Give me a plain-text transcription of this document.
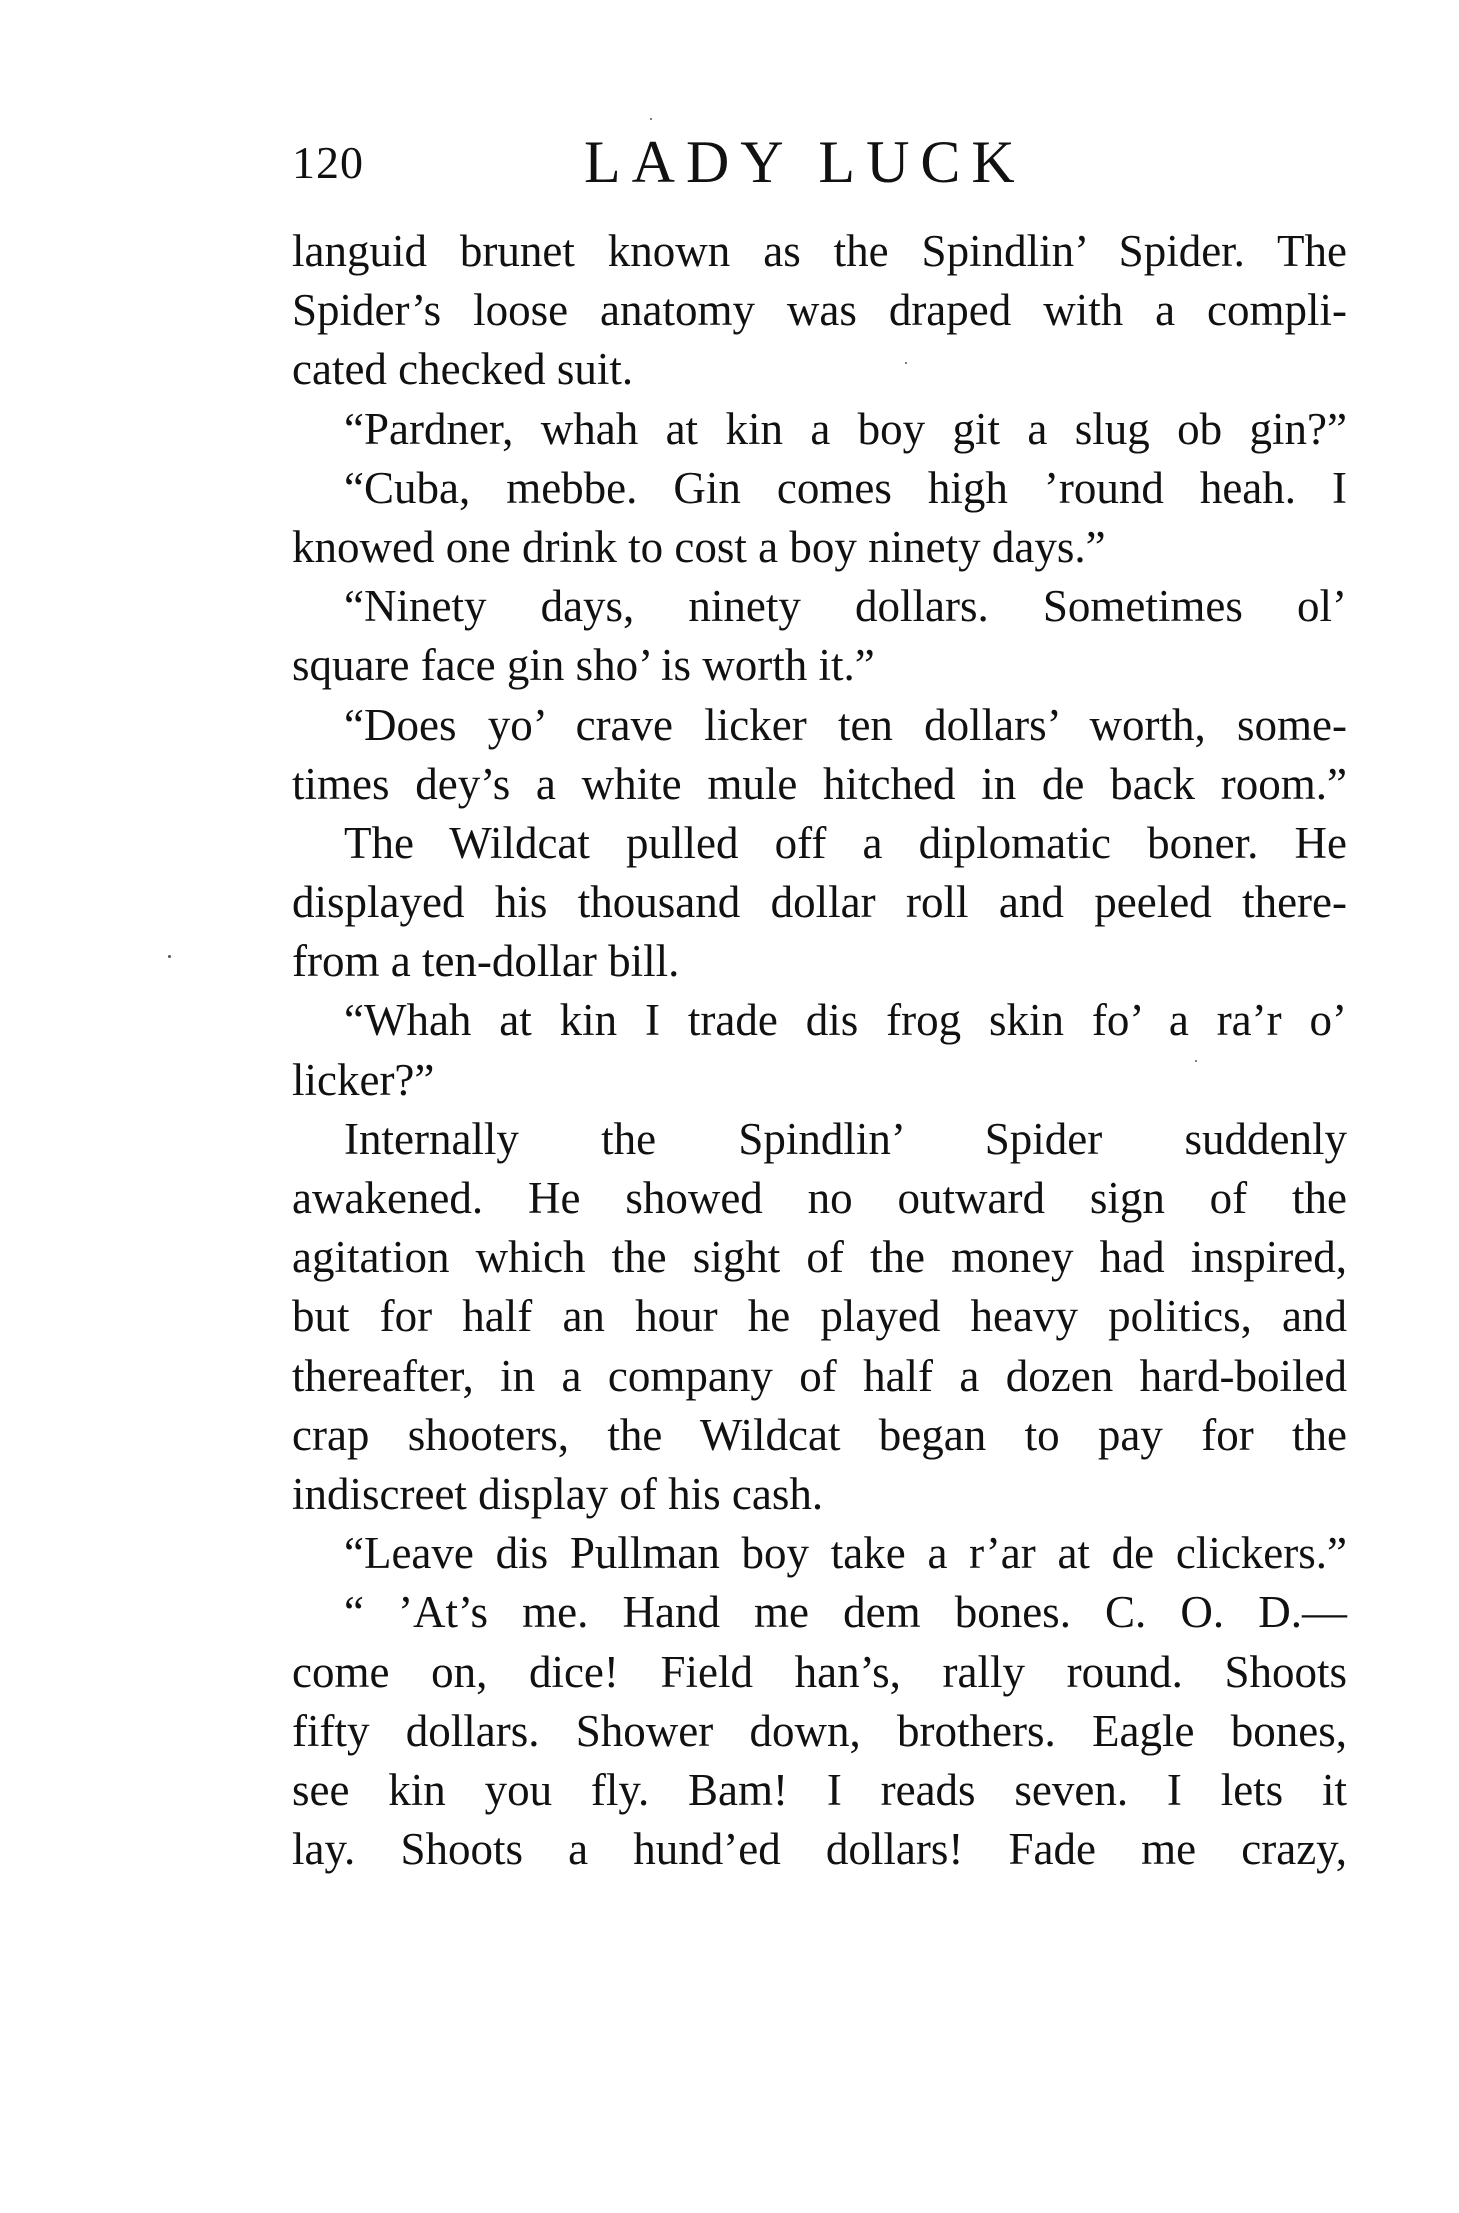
120	LADY LUCK
languid brunet known as the Spindlin’ Spider. The
Spider’s loose anatomy was draped with a compli-
cated checked suit.
“Pardner, whah at kin a boy git a slug ob gin?”
“Cuba, mebbe. Gin comes high ’round heah. I
knowed one drink to cost a boy ninety days.”
“Ninety days, ninety dollars. Sometimes ol’
square face gin sho’ is worth it.”
“Does yo’ crave licker ten dollars’ worth, some-
times dey’s a white mule hitched in de back room.”
The Wildcat pulled off a diplomatic boner. He
displayed his thousand dollar roll and peeled there-
from a ten-dollar bill.
“Whah at kin I trade dis frog skin fo’ a ra’r o’
licker?”
Internally the Spindlin’ Spider suddenly
awakened. He showed no outward sign of the
agitation which the sight of the money had inspired,
but for half an hour he played heavy politics, and
thereafter, in a company of half a dozen hard-boiled
crap shooters, the Wildcat began to pay for the
indiscreet display of his cash.
“Leave dis Pullman boy take a r’ar at de clickers.”
“ ’At’s me. Hand me dem bones. C. O. D.—
come on, dice! Field han’s, rally round. Shoots
fifty dollars. Shower down, brothers. Eagle bones,
see kin you fly. Bam! I reads seven. I lets it
lay. Shoots a hund’ed dollars! Fade me crazy,
